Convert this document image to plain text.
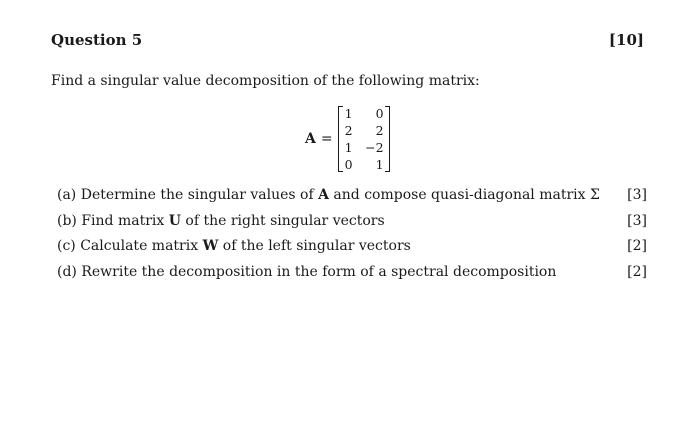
Question 5	[10]
Find a singular value decomposition of the following matrix:
A =
1	0
2	2
1	−2
0	1
(a) Determine the singular values of A and compose quasi-diagonal matrix Σ [3]
(b) Find matrix U of the right singular vectors	[3]
(c) Calculate matrix W of the left singular vectors	[2]
(d) Rewrite the decomposition in the form of a spectral decomposition	[2]
